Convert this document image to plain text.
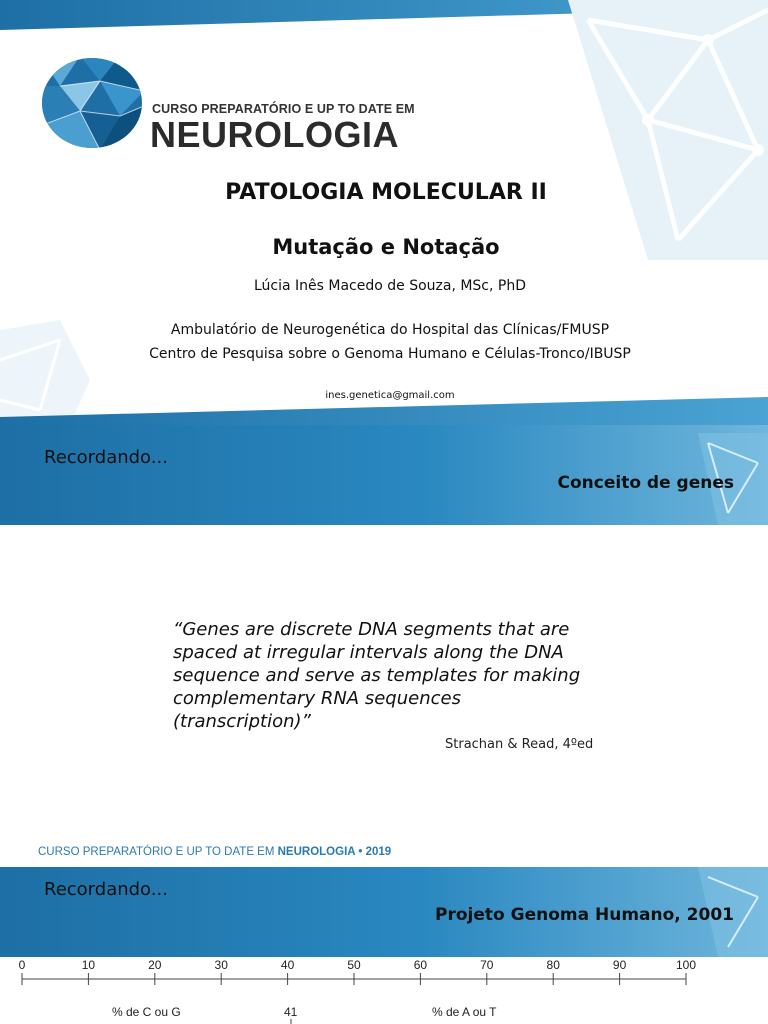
CURSO PREPARATÓRIO E UP TO DATE EM
NEUROLOGIA
PATOLOGIA MOLECULAR II
Mutação e Notação
Lúcia Inês Macedo de Souza, MSc, PhD
Ambulatório de Neurogenética do Hospital das Clínicas/FMUSP
Centro de Pesquisa sobre o Genoma Humano e Células-Tronco/IBUSP
ines.genetica@gmail.com
Recordando...
Conceito de genes
“Genes are discrete DNA segments that are spaced at irregular intervals along the DNA sequence and serve as templates for making complementary RNA sequences (transcription)”
Strachan & Read, 4ºed
CURSO PREPARATÓRIO E UP TO DATE EM NEUROLOGIA • 2019
Recordando...
Projeto Genoma Humano, 2001
0	10	20	30	40	50	60	70	80	90	100
% de C ou G	41	% de A ou T
